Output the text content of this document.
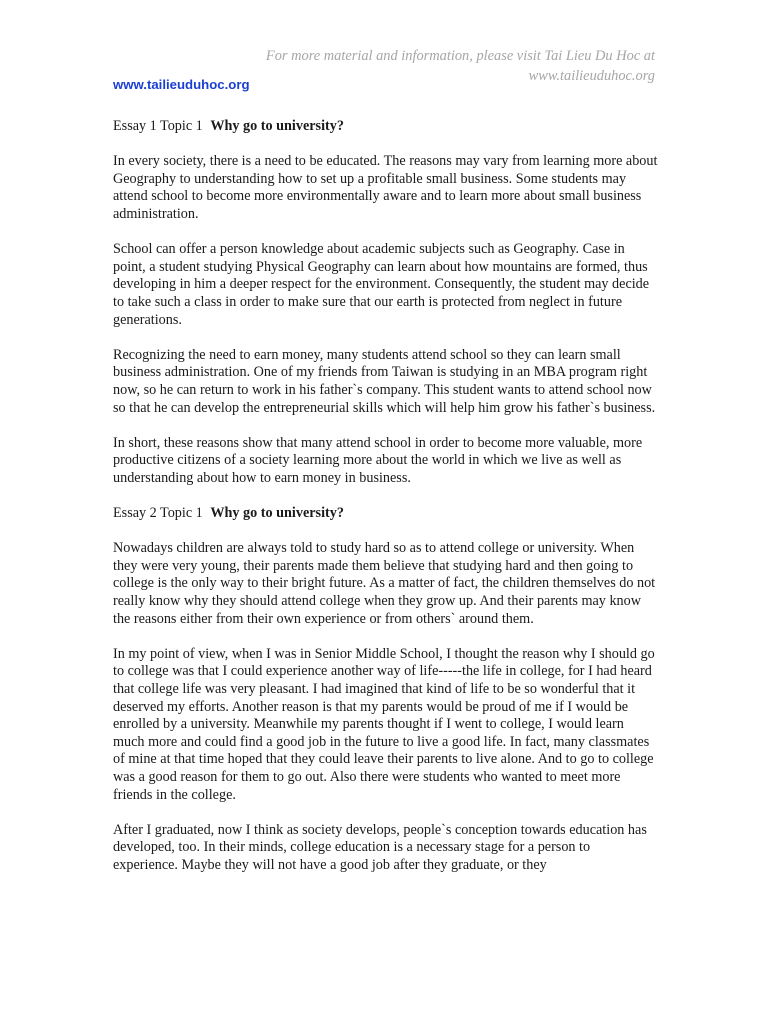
For more material and information, please visit Tai Lieu Du Hoc at
www.tailieuduhoc.org
www.tailieuduhoc.org
Essay 1 Topic 1 Why go to university?

In every society, there is a need to be educated. The reasons may vary from learning more about Geography to understanding how to set up a profitable small business. Some students may attend school to become more environmentally aware and to learn more about small business administration.

School can offer a person knowledge about academic subjects such as Geography. Case in point, a student studying Physical Geography can learn about how mountains are formed, thus developing in him a deeper respect for the environment. Consequently, the student may decide to take such a class in order to make sure that our earth is protected from neglect in future generations.

Recognizing the need to earn money, many students attend school so they can learn small business administration. One of my friends from Taiwan is studying in an MBA program right now, so he can return to work in his father`s company. This student wants to attend school now so that he can develop the entrepreneurial skills which will help him grow his father`s business.

In short, these reasons show that many attend school in order to become more valuable, more productive citizens of a society learning more about the world in which we live as well as understanding about how to earn money in business.

Essay 2 Topic 1 Why go to university?

Nowadays children are always told to study hard so as to attend college or university. When they were very young, their parents made them believe that studying hard and then going to college is the only way to their bright future. As a matter of fact, the children themselves do not really know why they should attend college when they grow up. And their parents may know the reasons either from their own experience or from others` around them.

In my point of view, when I was in Senior Middle School, I thought the reason why I should go to college was that I could experience another way of life-----the life in college, for I had heard that college life was very pleasant. I had imagined that kind of life to be so wonderful that it deserved my efforts. Another reason is that my parents would be proud of me if I would be enrolled by a university. Meanwhile my parents thought if I went to college, I would learn much more and could find a good job in the future to live a good life. In fact, many classmates of mine at that time hoped that they could leave their parents to live alone. And to go to college was a good reason for them to go out. Also there were students who wanted to meet more friends in the college.

After I graduated, now I think as society develops, people`s conception towards education has developed, too. In their minds, college education is a necessary stage for a person to experience. Maybe they will not have a good job after they graduate, or they
